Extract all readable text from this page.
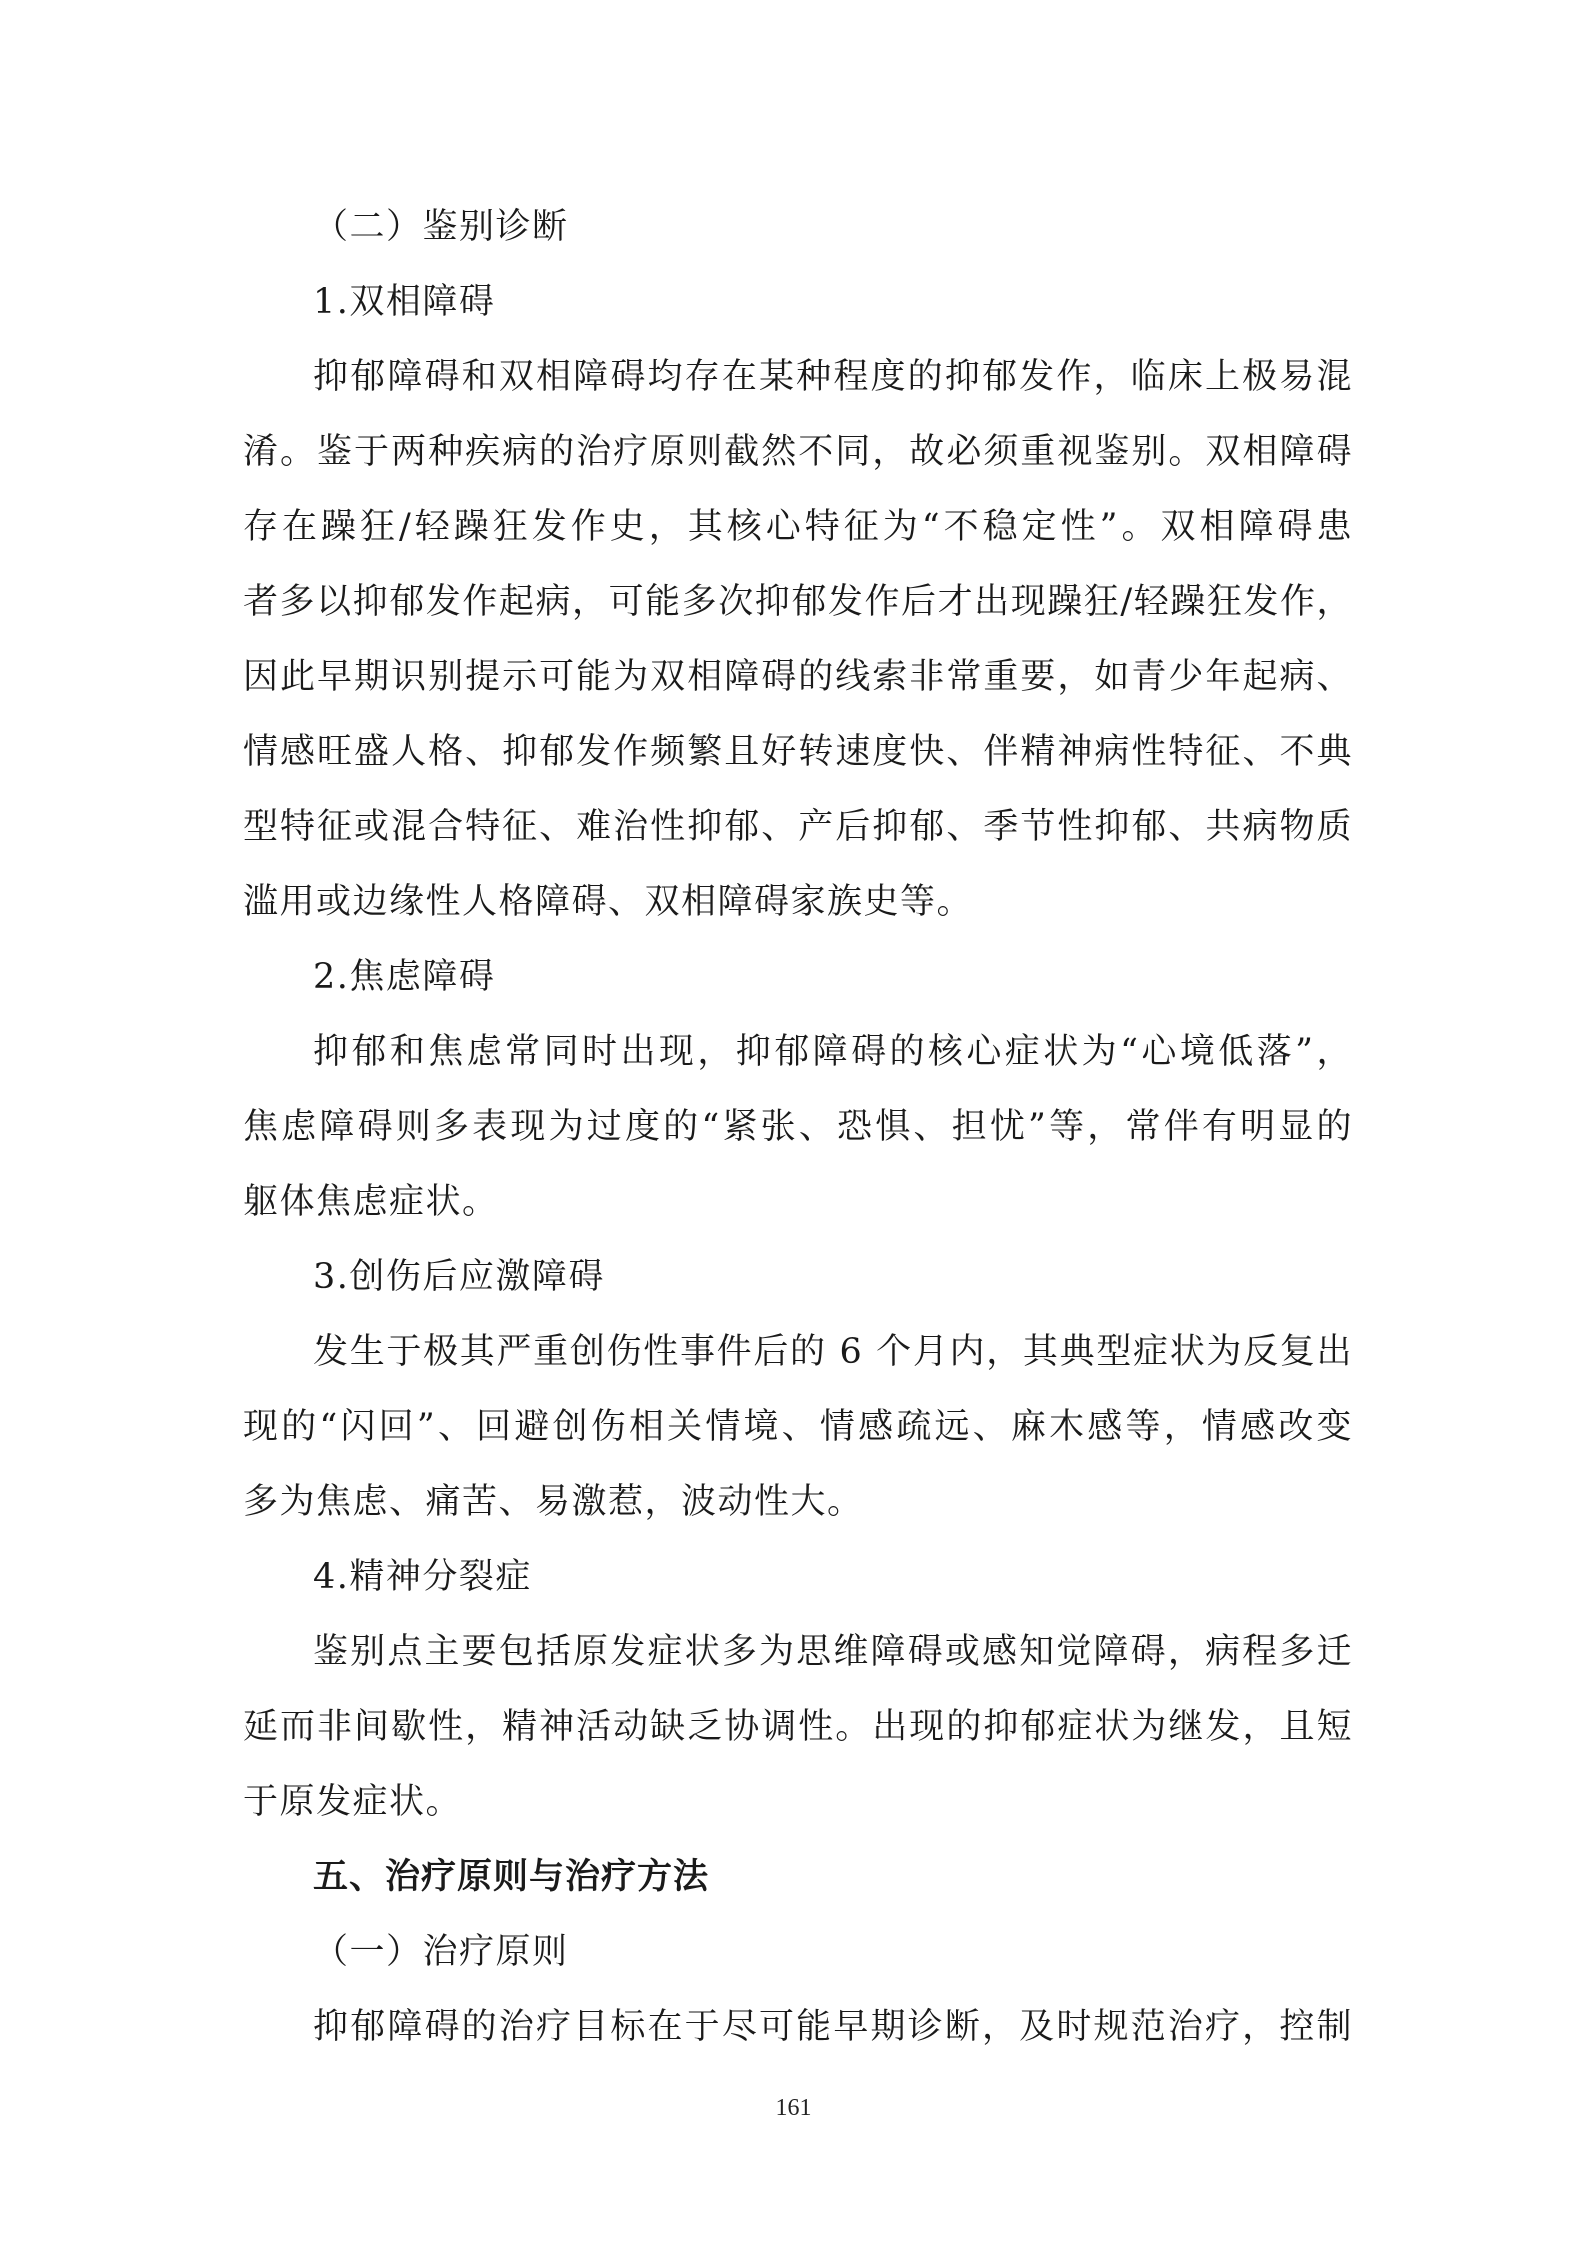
（二）鉴别诊断
1.双相障碍
抑郁障碍和双相障碍均存在某种程度的抑郁发作，临床上极易混
淆。鉴于两种疾病的治疗原则截然不同，故必须重视鉴别。双相障碍
存在躁狂/轻躁狂发作史，其核心特征为“不稳定性”。双相障碍患
者多以抑郁发作起病，可能多次抑郁发作后才出现躁狂/轻躁狂发作，
因此早期识别提示可能为双相障碍的线索非常重要，如青少年起病、
情感旺盛人格、抑郁发作频繁且好转速度快、伴精神病性特征、不典
型特征或混合特征、难治性抑郁、产后抑郁、季节性抑郁、共病物质
滥用或边缘性人格障碍、双相障碍家族史等。
2.焦虑障碍
抑郁和焦虑常同时出现，抑郁障碍的核心症状为“心境低落”，
焦虑障碍则多表现为过度的“紧张、恐惧、担忧”等，常伴有明显的
躯体焦虑症状。
3.创伤后应激障碍
发生于极其严重创伤性事件后的 6 个月内，其典型症状为反复出
现的“闪回”、回避创伤相关情境、情感疏远、麻木感等，情感改变
多为焦虑、痛苦、易激惹，波动性大。
4.精神分裂症
鉴别点主要包括原发症状多为思维障碍或感知觉障碍，病程多迁
延而非间歇性，精神活动缺乏协调性。出现的抑郁症状为继发，且短
于原发症状。
五、治疗原则与治疗方法
（一）治疗原则
抑郁障碍的治疗目标在于尽可能早期诊断，及时规范治疗，控制
161
